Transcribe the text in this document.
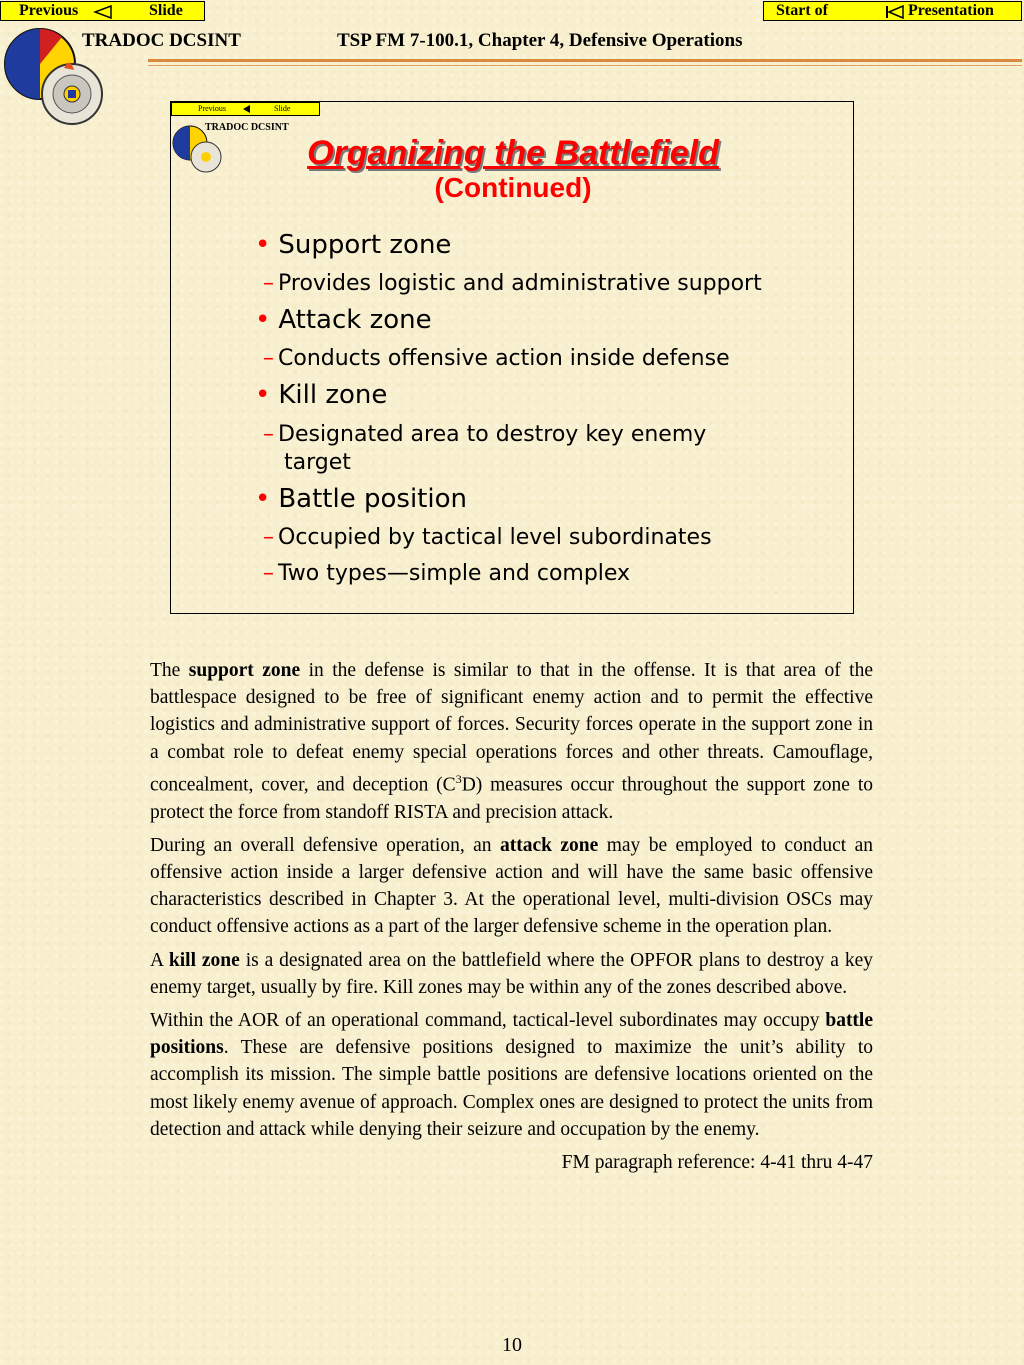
Previous	Slide	Start of	Presentation
TRADOC DCSINT	TSP FM 7-100.1, Chapter 4, Defensive Operations
Previous	Slide
TRADOC DCSINT
Organizing the Battlefield
(Continued)
• Support zone
– Provides logistic and administrative support
• Attack zone
– Conducts offensive action inside defense
• Kill zone
– Designated area to destroy key enemy
target
• Battle position
– Occupied by tactical level subordinates
– Two types—simple and complex

The support zone in the defense is similar to that in the offense. It is that area of the battlespace designed to be free of significant enemy action and to permit the effective logistics and administrative support of forces. Security forces operate in the support zone in a combat role to defeat enemy special operations forces and other threats. Camouflage, concealment, cover, and deception $(C^3D)$ measures occur throughout the support zone to protect the force from standoff RISTA and precision attack.

During an overall defensive operation, an attack zone may be employed to conduct an offensive action inside a larger defensive action and will have the same basic offensive characteristics described in Chapter 3. At the operational level, multi-division OSCs may conduct offensive actions as a part of the larger defensive scheme in the operation plan.

A kill zone is a designated area on the battlefield where the OPFOR plans to destroy a key enemy target, usually by fire. Kill zones may be within any of the zones described above.

Within the AOR of an operational command, tactical-level subordinates may occupy battle positions. These are defensive positions designed to maximize the unit’s ability to accomplish its mission. The simple battle positions are defensive locations oriented on the most likely enemy avenue of approach. Complex ones are designed to protect the units from detection and attack while denying their seizure and occupation by the enemy.

FM paragraph reference: 4-41 thru 4-47

10
